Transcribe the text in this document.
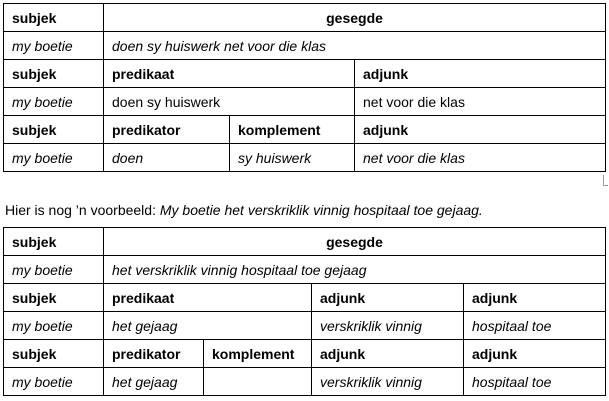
subjek	gesegde		
my boetie	doen sy huiswerk net voor die klas		
subjek	predikaat		adjunk
my boetie	doen sy huiswerk		net voor die klas
subjek	predikator	komplement	adjunk
my boetie	doen	sy huiswerk	net voor die klas
Hier is nog ’n voorbeeld: My boetie het verskriklik vinnig hospitaal toe gejaag.
subjek	gesegde			
my boetie	het verskriklik vinnig hospitaal toe gejaag			
subjek	predikaat		adjunk	adjunk
my boetie	het gejaag		verskriklik vinnig	hospitaal toe
subjek	predikator	komplement	adjunk	adjunk
my boetie	het gejaag		verskriklik vinnig	hospitaal toe
